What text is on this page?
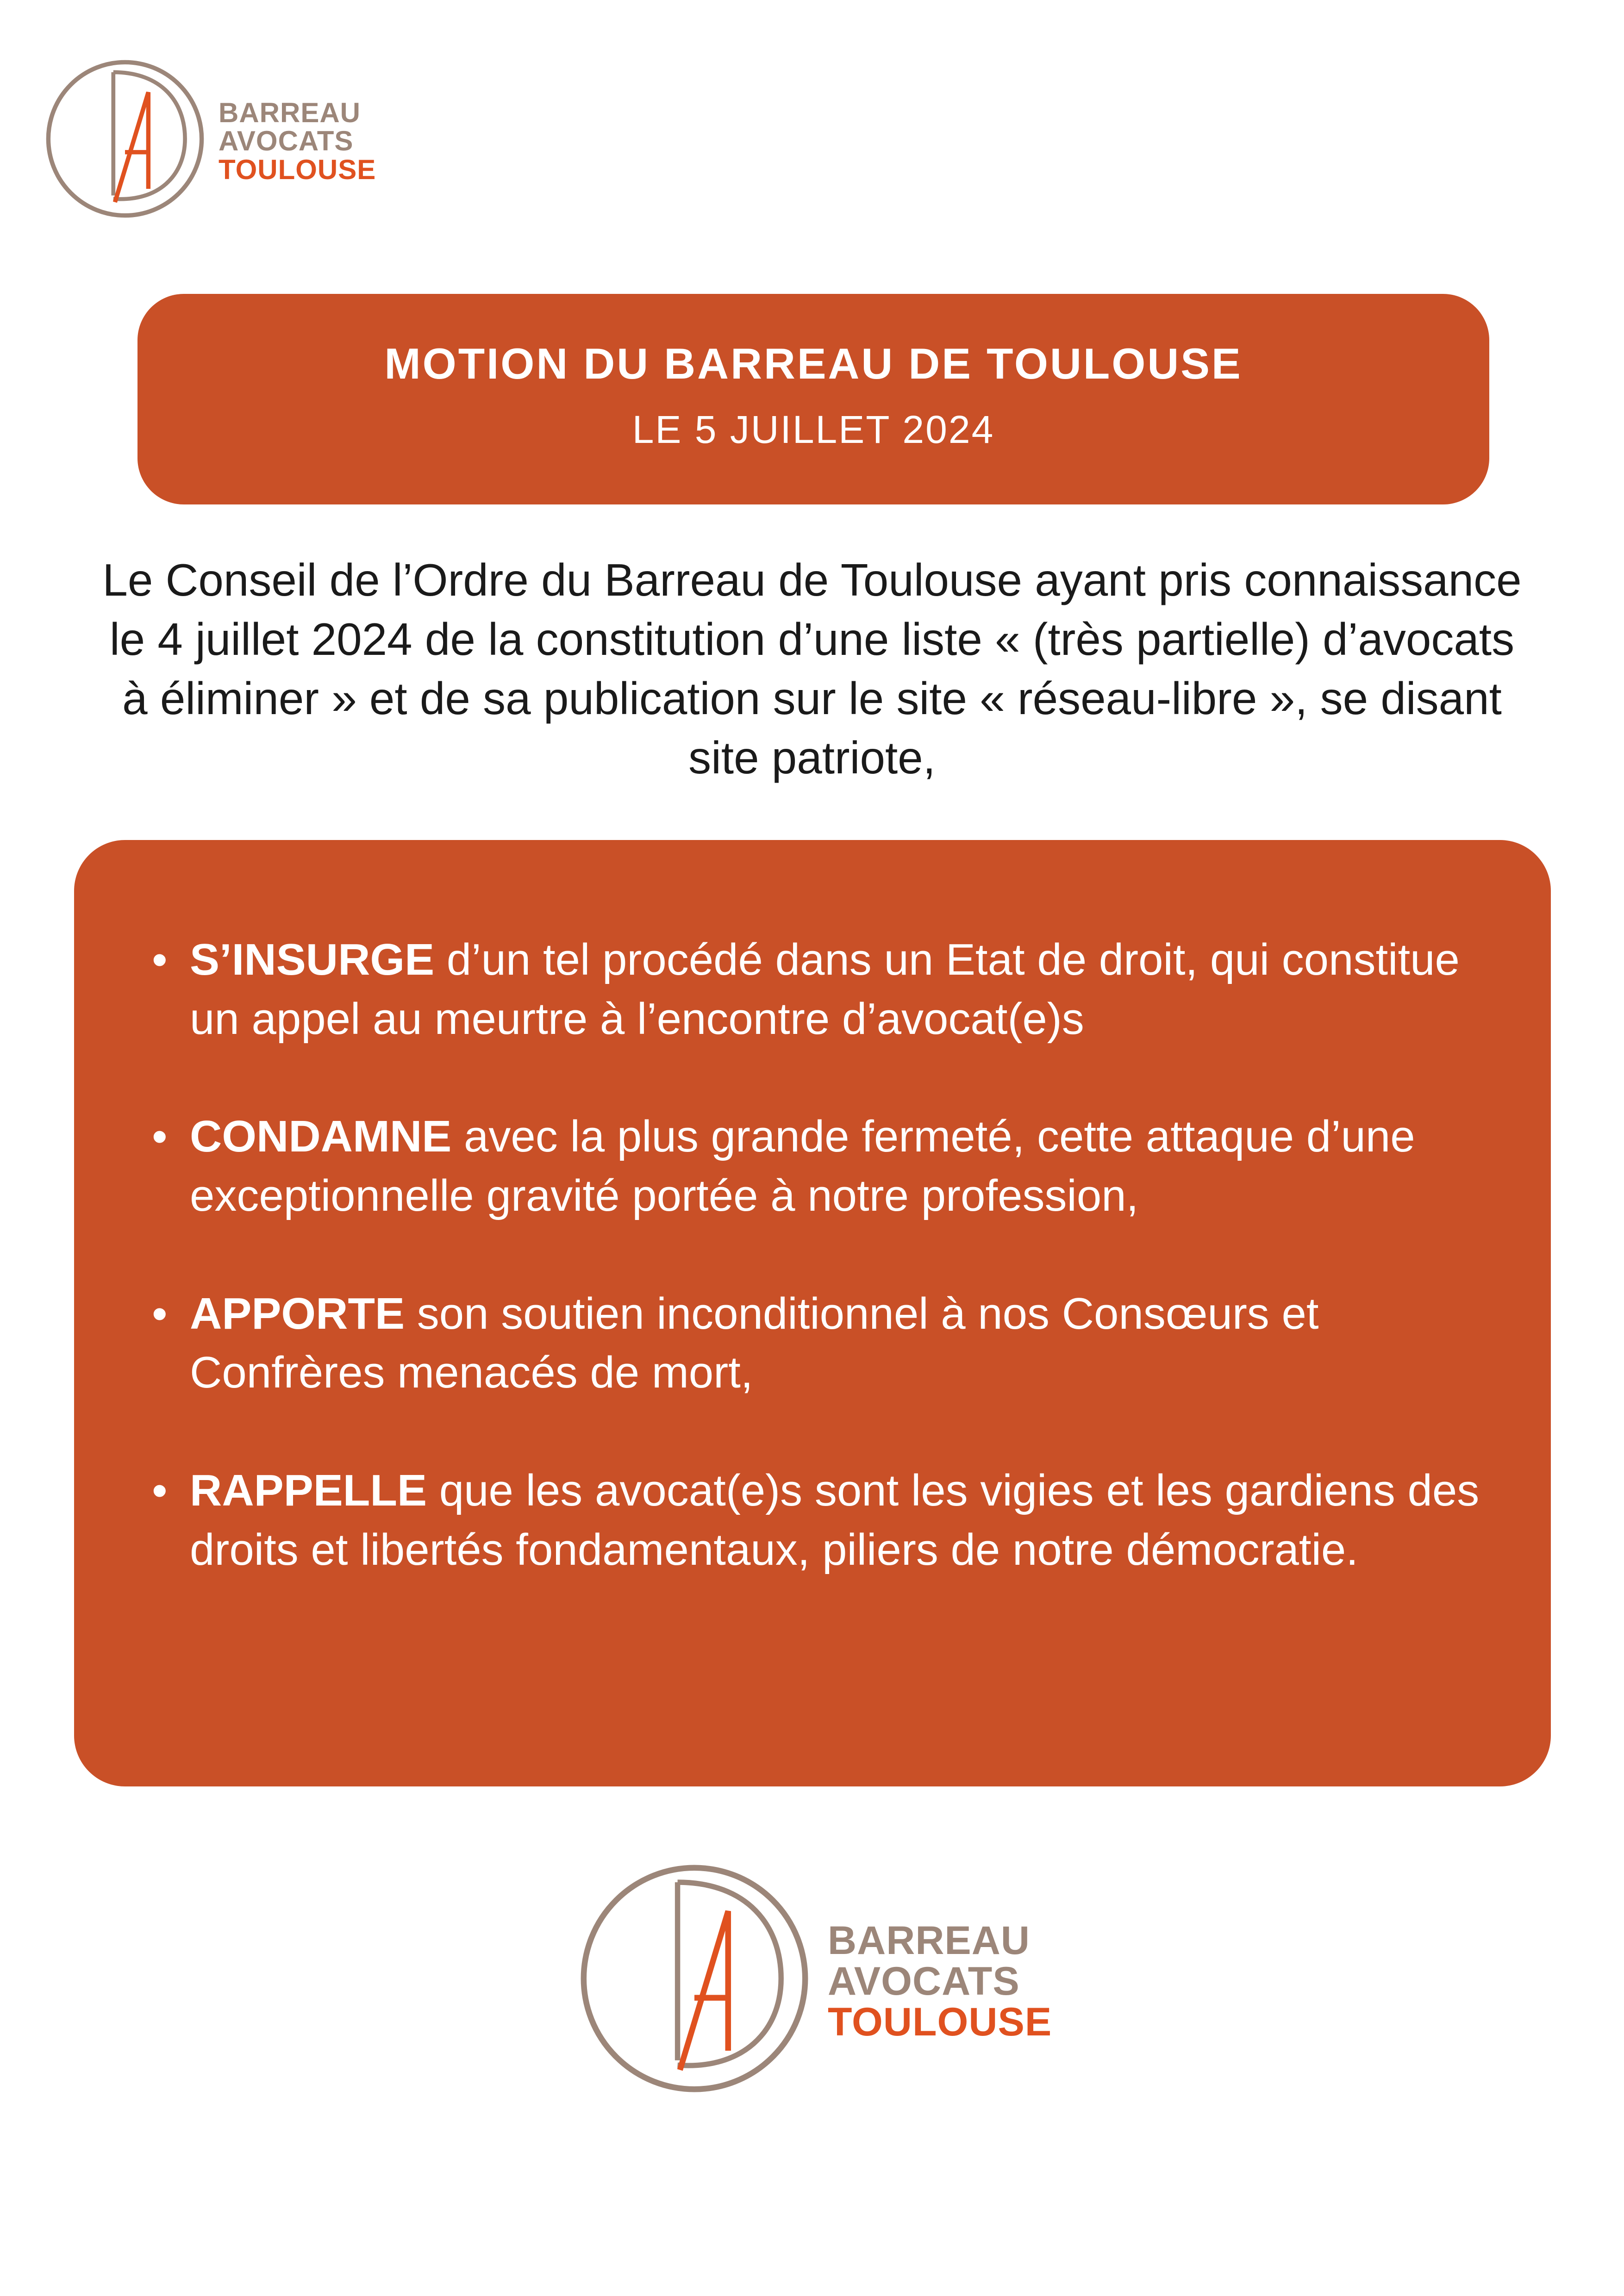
BARREAU
AVOCATS
TOULOUSE
MOTION DU BARREAU DE TOULOUSE
LE 5 JUILLET 2024
Le Conseil de l’Ordre du Barreau de Toulouse ayant pris connaissance le 4 juillet 2024 de la constitution d’une liste « (très partielle) d’avocats à éliminer » et de sa publication sur le site « réseau-libre », se disant site patriote,
• S’INSURGE d’un tel procédé dans un Etat de droit, qui constitue un appel au meurtre à l’encontre d’avocat(e)s
• CONDAMNE avec la plus grande fermeté, cette attaque d’une exceptionnelle gravité portée à notre profession,
• APPORTE son soutien inconditionnel à nos Consœurs et Confrères menacés de mort,
• RAPPELLE que les avocat(e)s sont les vigies et les gardiens des droits et libertés fondamentaux, piliers de notre démocratie.
BARREAU
AVOCATS
TOULOUSE
